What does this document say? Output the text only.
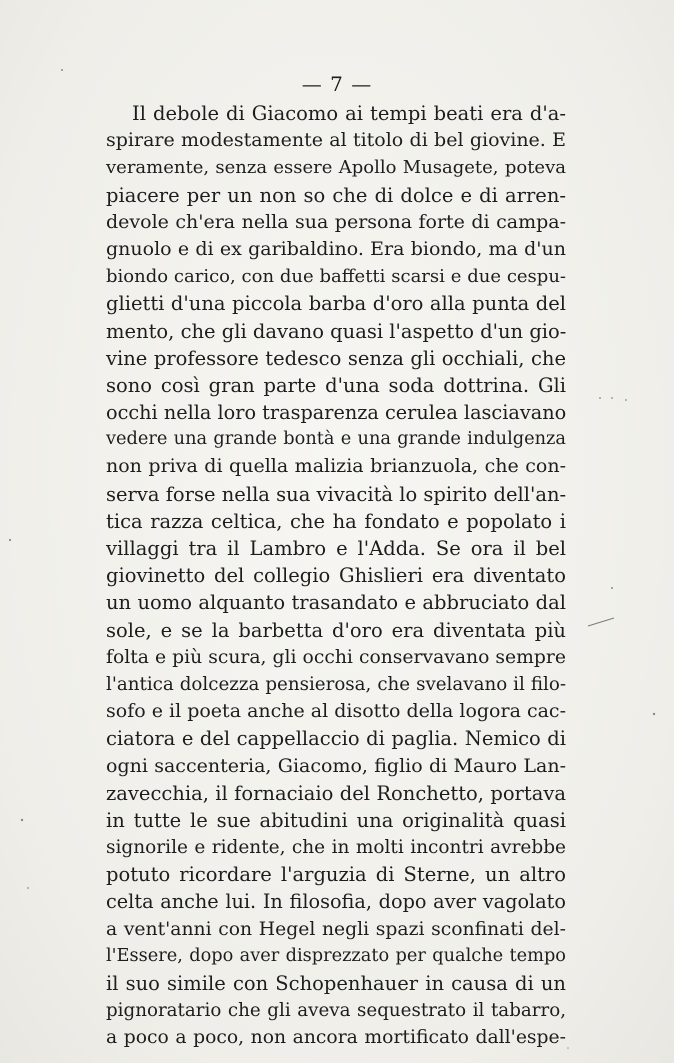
— 7 —
Il debole di Giacomo ai tempi beati era d'a-
spirare modestamente al titolo di bel giovine. E
veramente, senza essere Apollo Musagete, poteva
piacere per un non so che di dolce e di arren-
devole ch'era nella sua persona forte di campa-
gnuolo e di ex garibaldino. Era biondo, ma d'un
biondo carico, con due baffetti scarsi e due cespu-
glietti d'una piccola barba d'oro alla punta del
mento, che gli davano quasi l'aspetto d'un gio-
vine professore tedesco senza gli occhiali, che
sono così gran parte d'una soda dottrina. Gli
occhi nella loro trasparenza cerulea lasciavano
vedere una grande bontà e una grande indulgenza
non priva di quella malizia brianzuola, che con-
serva forse nella sua vivacità lo spirito dell'an-
tica razza celtica, che ha fondato e popolato i
villaggi tra il Lambro e l'Adda. Se ora il bel
giovinetto del collegio Ghislieri era diventato
un uomo alquanto trasandato e abbruciato dal
sole, e se la barbetta d'oro era diventata più
folta e più scura, gli occhi conservavano sempre
l'antica dolcezza pensierosa, che svelavano il filo-
sofo e il poeta anche al disotto della logora cac-
ciatora e del cappellaccio di paglia. Nemico di
ogni saccenteria, Giacomo, figlio di Mauro Lan-
zavecchia, il fornaciaio del Ronchetto, portava
in tutte le sue abitudini una originalità quasi
signorile e ridente, che in molti incontri avrebbe
potuto ricordare l'arguzia di Sterne, un altro
celta anche lui. In filosofia, dopo aver vagolato
a vent'anni con Hegel negli spazi sconfinati del-
l'Essere, dopo aver disprezzato per qualche tempo
il suo simile con Schopenhauer in causa di un
pignoratario che gli aveva sequestrato il tabarro,
a poco a poco, non ancora mortificato dall'espe-
